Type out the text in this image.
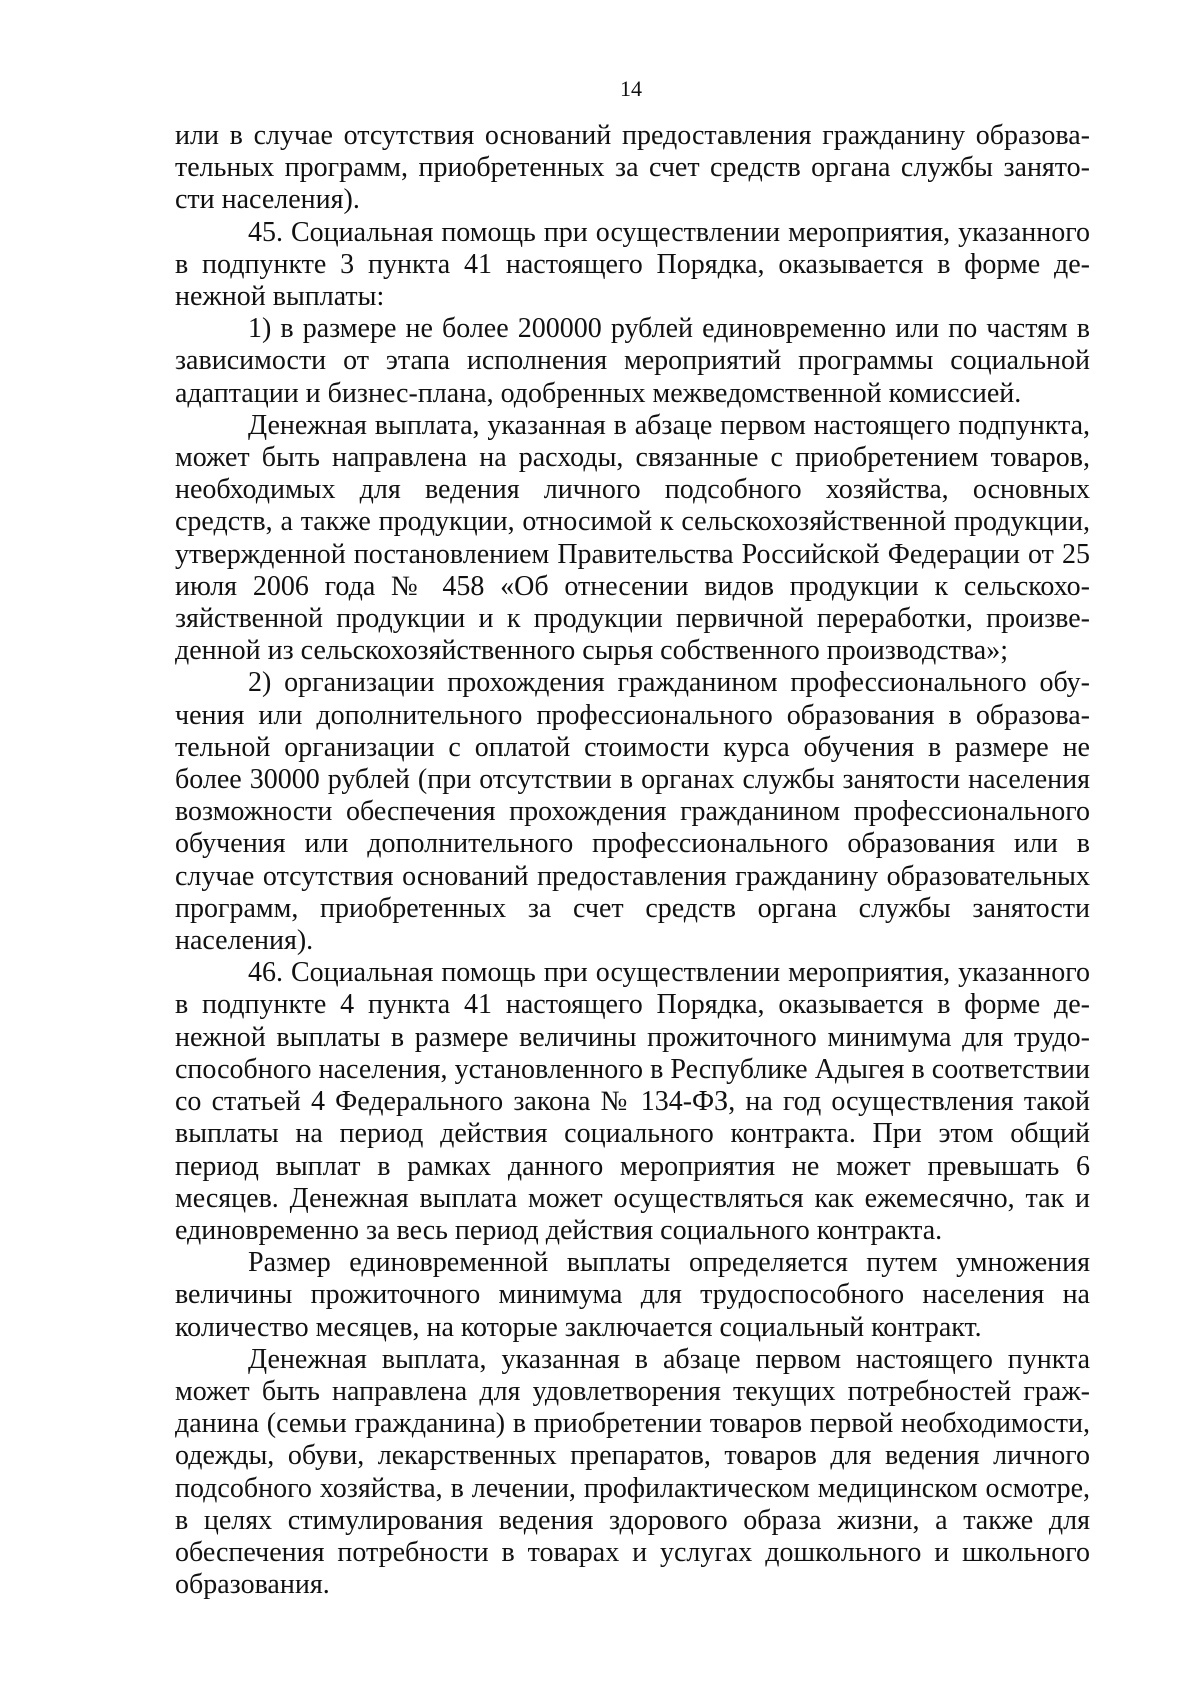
14

или в случае отсутствия оснований предоставления гражданину образовательных программ, приобретенных за счет средств органа службы занятости населения).

45. Социальная помощь при осуществлении мероприятия, указанного в подпункте 3 пункта 41 настоящего Порядка, оказывается в форме денежной выплаты:

1) в размере не более 200000 рублей единовременно или по частям в зависимости от этапа исполнения мероприятий программы социальной адаптации и бизнес-плана, одобренных межведомственной комиссией.

Денежная выплата, указанная в абзаце первом настоящего подпункта, может быть направлена на расходы, связанные с приобретением товаров, необходимых для ведения личного подсобного хозяйства, основных средств, а также продукции, относимой к сельскохозяйственной продукции, утвержденной постановлением Правительства Российской Федерации от 25 июля 2006 года № 458 «Об отнесении видов продукции к сельскохозяйственной продукции и к продукции первичной переработки, произведенной из сельскохозяйственного сырья собственного производства»;

2) организации прохождения гражданином профессионального обучения или дополнительного профессионального образования в образовательной организации с оплатой стоимости курса обучения в размере не более 30000 рублей (при отсутствии в органах службы занятости населения возможности обеспечения прохождения гражданином профессионального обучения или дополнительного профессионального образования или в случае отсутствия оснований предоставления гражданину образовательных программ, приобретенных за счет средств органа службы занятости населения).

46. Социальная помощь при осуществлении мероприятия, указанного в подпункте 4 пункта 41 настоящего Порядка, оказывается в форме денежной выплаты в размере величины прожиточного минимума для трудоспособного населения, установленного в Республике Адыгея в соответствии со статьей 4 Федерального закона № 134-ФЗ, на год осуществления такой выплаты на период действия социального контракта. При этом общий период выплат в рамках данного мероприятия не может превышать 6 месяцев. Денежная выплата может осуществляться как ежемесячно, так и единовременно за весь период действия социального контракта.

Размер единовременной выплаты определяется путем умножения величины прожиточного минимума для трудоспособного населения на количество месяцев, на которые заключается социальный контракт.

Денежная выплата, указанная в абзаце первом настоящего пункта может быть направлена для удовлетворения текущих потребностей гражданина (семьи гражданина) в приобретении товаров первой необходимости, одежды, обуви, лекарственных препаратов, товаров для ведения личного подсобного хозяйства, в лечении, профилактическом медицинском осмотре, в целях стимулирования ведения здорового образа жизни, а также для обеспечения потребности в товарах и услугах дошкольного и школьного образования.
